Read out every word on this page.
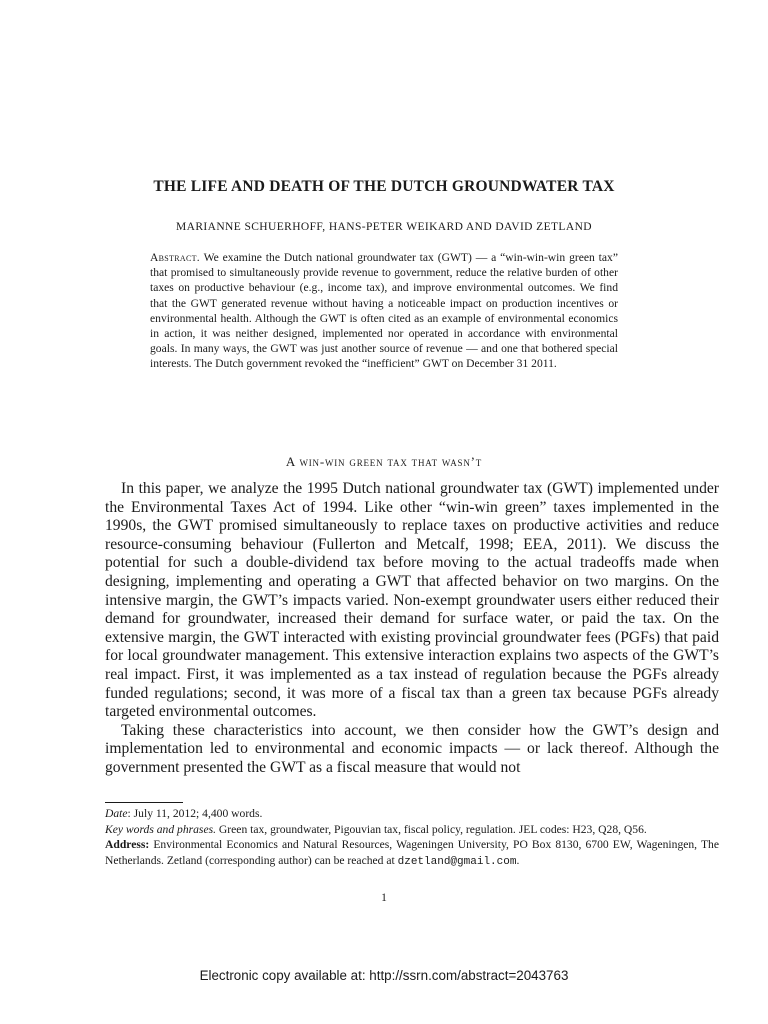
THE LIFE AND DEATH OF THE DUTCH GROUNDWATER TAX
MARIANNE SCHUERHOFF, HANS-PETER WEIKARD AND DAVID ZETLAND
Abstract. We examine the Dutch national groundwater tax (GWT) — a “win-win-win green tax” that promised to simultaneously provide revenue to government, reduce the relative burden of other taxes on productive behaviour (e.g., income tax), and improve environmental outcomes. We find that the GWT generated revenue without having a noticeable impact on production incentives or environmental health. Although the GWT is often cited as an example of environmental economics in action, it was neither designed, implemented nor operated in accordance with environmental goals. In many ways, the GWT was just another source of revenue — and one that bothered special interests. The Dutch government revoked the “inefficient” GWT on December 31 2011.
A win-win green tax that wasn’t

In this paper, we analyze the 1995 Dutch national groundwater tax (GWT) implemented under the Environmental Taxes Act of 1994. Like other “win-win green” taxes implemented in the 1990s, the GWT promised simultaneously to replace taxes on productive activities and reduce resource-consuming behaviour (Fullerton and Metcalf, 1998; EEA, 2011). We discuss the potential for such a double-dividend tax before moving to the actual tradeoffs made when designing, implementing and operating a GWT that affected behavior on two margins. On the intensive margin, the GWT’s impacts varied. Non-exempt groundwater users either reduced their demand for groundwater, increased their demand for surface water, or paid the tax. On the extensive margin, the GWT interacted with existing provincial groundwater fees (PGFs) that paid for local groundwater management. This extensive interaction explains two aspects of the GWT’s real impact. First, it was implemented as a tax instead of regulation because the PGFs already funded regulations; second, it was more of a fiscal tax than a green tax because PGFs already targeted environmental outcomes.

Taking these characteristics into account, we then consider how the GWT’s design and implementation led to environmental and economic impacts — or lack thereof. Although the government presented the GWT as a fiscal measure that would not

Date: July 11, 2012; 4,400 words.
Key words and phrases. Green tax, groundwater, Pigouvian tax, fiscal policy, regulation. JEL codes: H23, Q28, Q56.
Address: Environmental Economics and Natural Resources, Wageningen University, PO Box 8130, 6700 EW, Wageningen, The Netherlands. Zetland (corresponding author) can be reached at dzetland@gmail.com.
1
Electronic copy available at: http://ssrn.com/abstract=2043763
